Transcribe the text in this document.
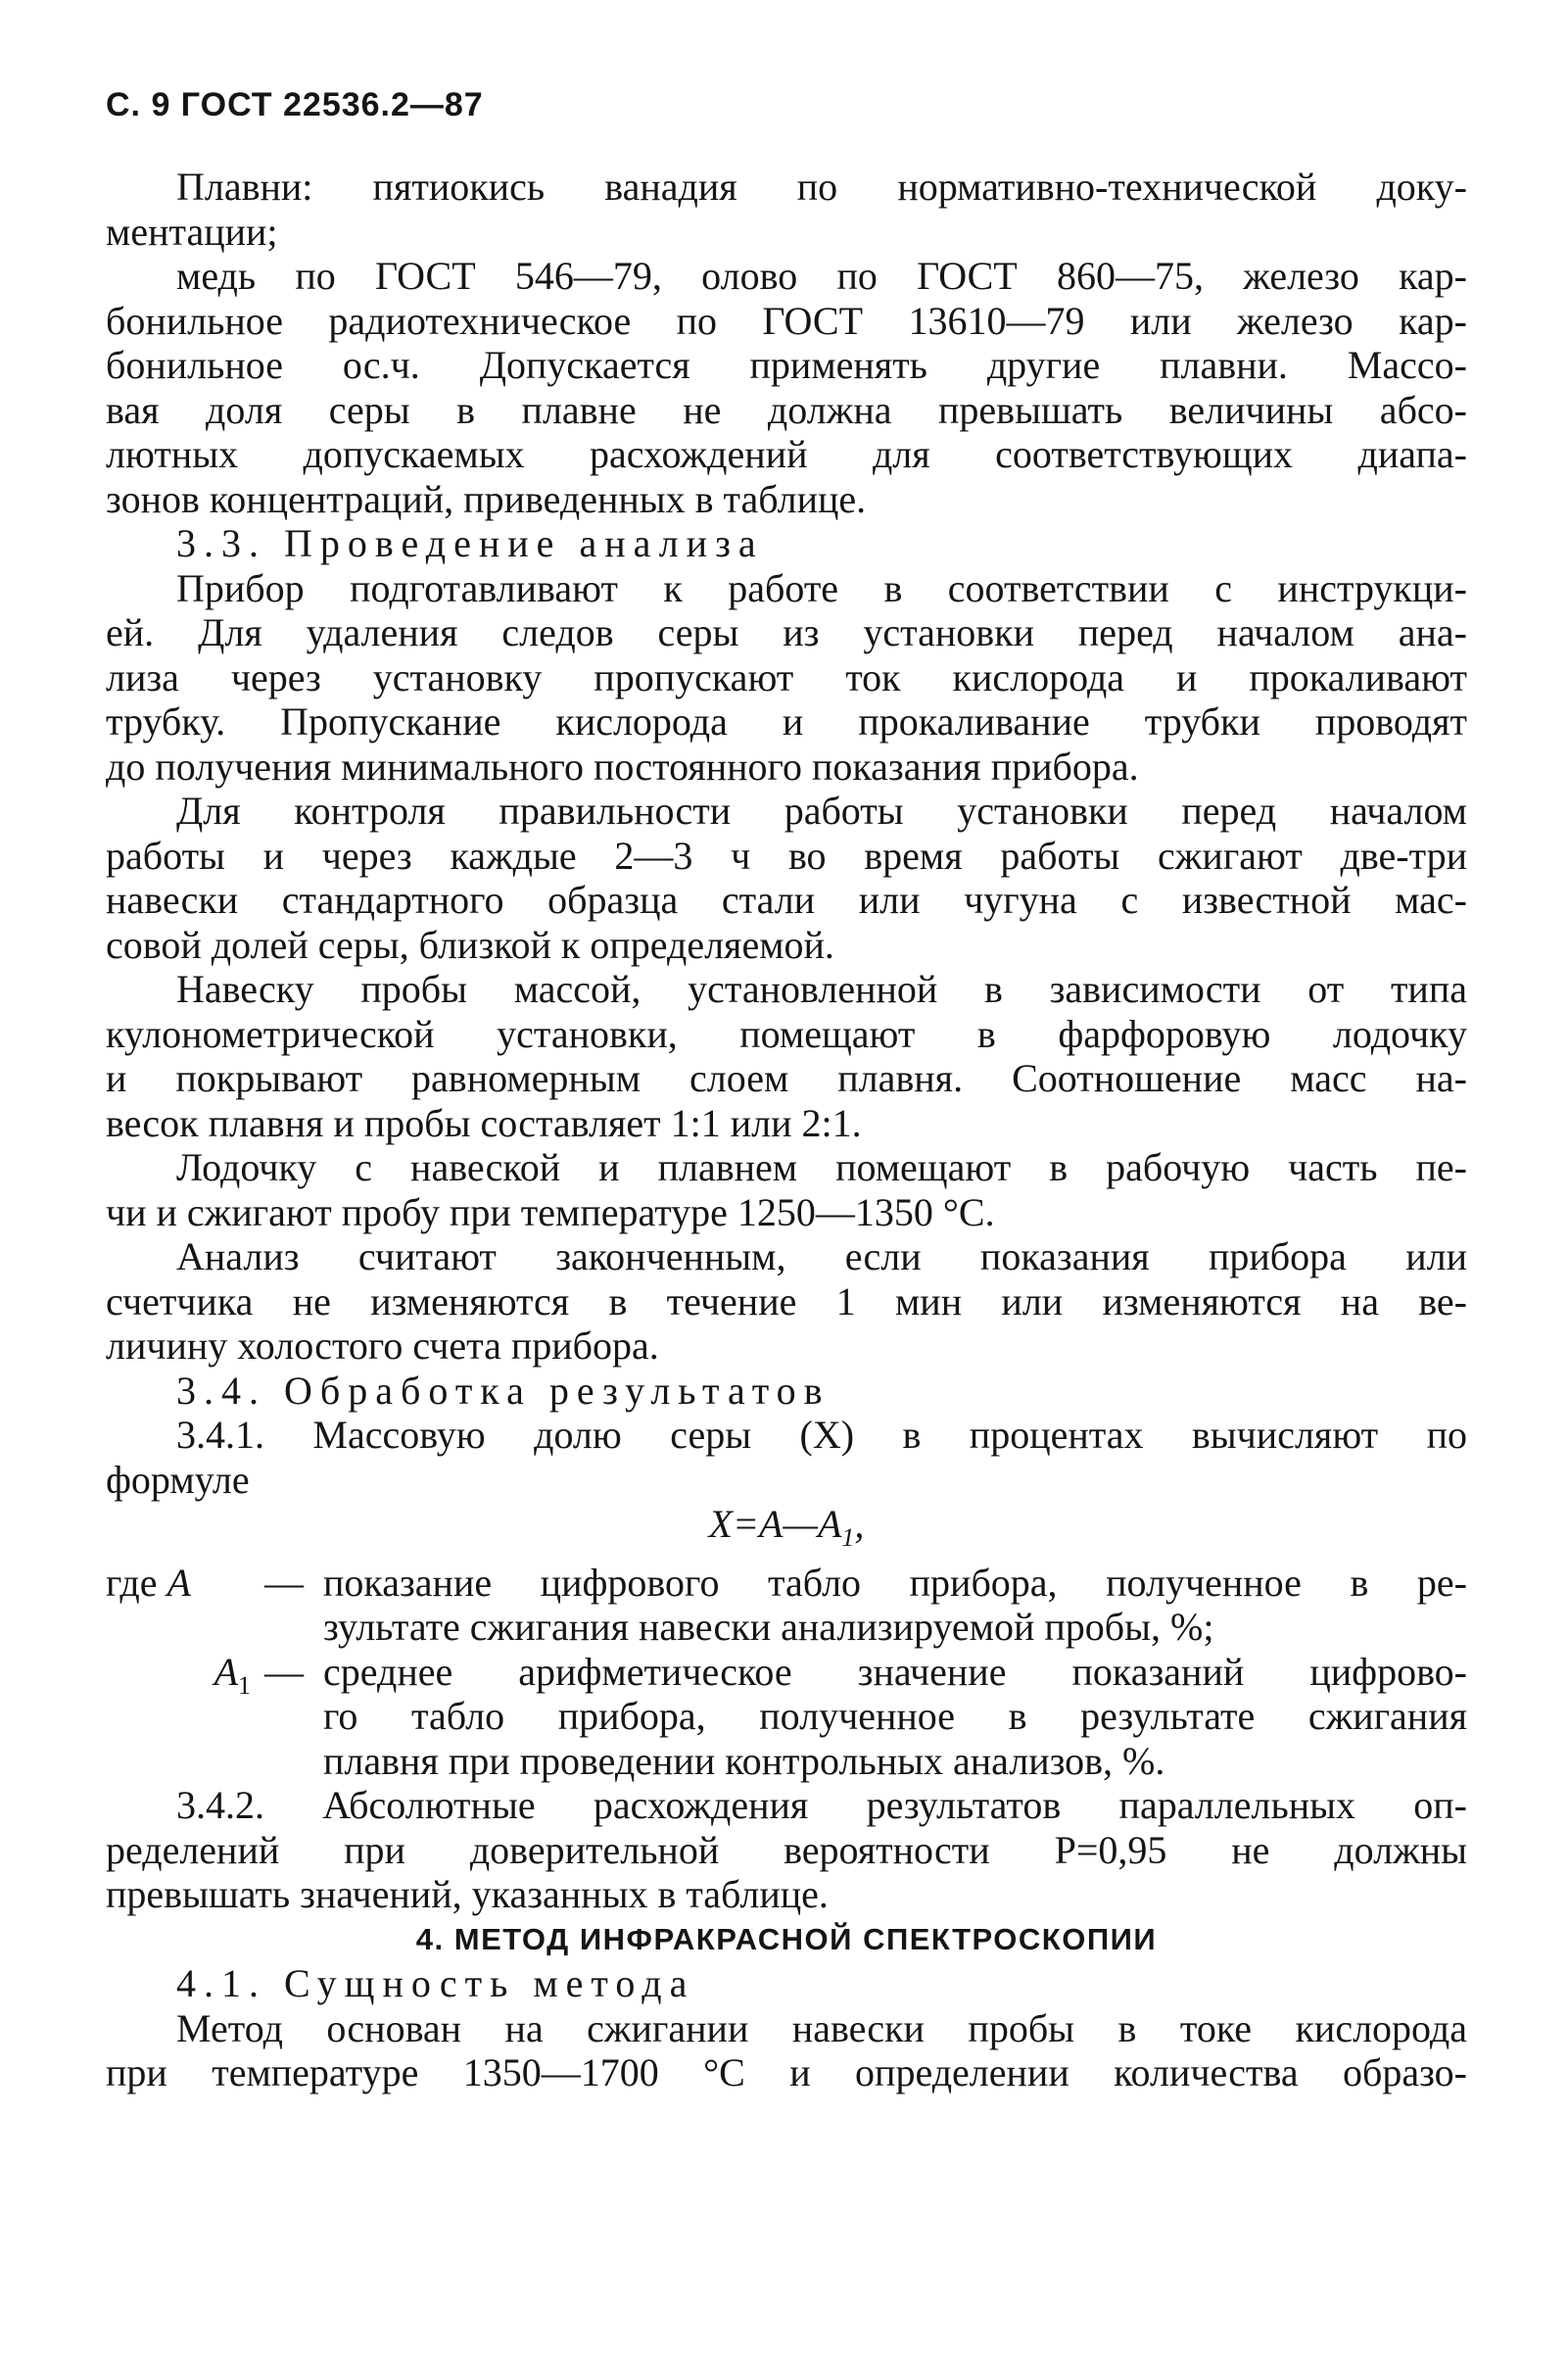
С. 9 ГОСТ 22536.2—87

Плавни: пятиокись ванадия по нормативно-технической доку-

ментации;

медь по ГОСТ 546—79, олово по ГОСТ 860—75, железо кар-

бонильное радиотехническое по ГОСТ 13610—79 или железо кар-

бонильное ос.ч. Допускается применять другие плавни. Массо-

вая доля серы в плавне не должна превышать величины абсо-

лютных допускаемых расхождений для соответствующих диапа-

зонов концентраций, приведенных в таблице.

3.3. Проведение анализа

Прибор подготавливают к работе в соответствии с инструкци-

ей. Для удаления следов серы из установки перед началом ана-

лиза через установку пропускают ток кислорода и прокаливают

трубку. Пропускание кислорода и прокаливание трубки проводят

до получения минимального постоянного показания прибора.

Для контроля правильности работы установки перед началом

работы и через каждые 2—3 ч во время работы сжигают две-три

навески стандартного образца стали или чугуна с известной мас-

совой долей серы, близкой к определяемой.

Навеску пробы массой, установленной в зависимости от типа

кулонометрической установки, помещают в фарфоровую лодочку

и покрывают равномерным слоем плавня. Соотношение масс на-

весок плавня и пробы составляет 1:1 или 2:1.

Лодочку с навеской и плавнем помещают в рабочую часть пе-

чи и сжигают пробу при температуре 1250—1350 °С.

Анализ считают законченным, если показания прибора или

счетчика не изменяются в течение 1 мин или изменяются на ве-

личину холостого счета прибора.

3.4. Обработка результатов

3.4.1. Массовую долю серы (X) в процентах вычисляют по

формуле

$X=A—A_1$,

где A	— показание цифрового табло прибора, полученное в ре-
зультате сжигания навески анализируемой пробы, %;
$A_1$ — среднее арифметическое значение показаний цифрово-
го табло прибора, полученное в результате сжигания
плавня при проведении контрольных анализов, %.

3.4.2. Абсолютные расхождения результатов параллельных оп-

ределений при доверительной вероятности P=0,95 не должны

превышать значений, указанных в таблице.

4. МЕТОД ИНФРАКРАСНОЙ СПЕКТРОСКОПИИ

4.1. Сущность метода

Метод основан на сжигании навески пробы в токе кислорода

при температуре 1350—1700 °С и определении количества образо-
